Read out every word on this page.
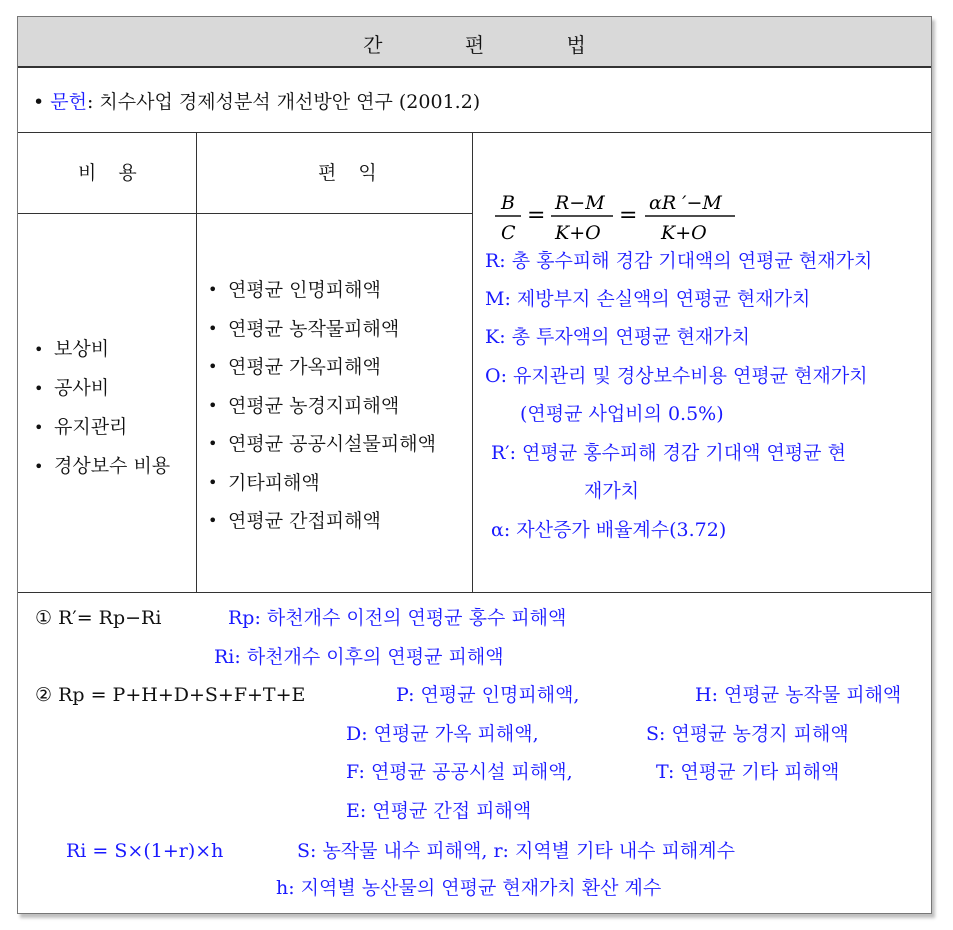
간 편 법
• 문헌: 치수사업 경제성분석 개선방안 연구 (2001.2)
비 용	편 익
• 보상비
• 공사비
• 유지관리
• 경상보수 비용
• 연평균 인명피해액
• 연평균 농작물피해액
• 연평균 가옥피해액
• 연평균 농경지피해액
• 연평균 공공시설물피해액
• 기타피해액
• 연평균 간접피해액
B
C
= R−M
K+O
= αR ′−M
K+O
R: 총 홍수피해 경감 기대액의 연평균 현재가치
M: 제방부지 손실액의 연평균 현재가치
K: 총 투자액의 연평균 현재가치
O: 유지관리 및 경상보수비용 연평균 현재가치
(연평균 사업비의 0.5%)
R′: 연평균 홍수피해 경감 기대액 연평균 현
재가치
α: 자산증가 배율계수(3.72)
① R′= Rp−Ri	Rp: 하천개수 이전의 연평균 홍수 피해액
Ri: 하천개수 이후의 연평균 피해액
② Rp = P+H+D+S+F+T+E	P: 연평균 인명피해액,	H: 연평균 농작물 피해액
D: 연평균 가옥 피해액,	S: 연평균 농경지 피해액
F: 연평균 공공시설 피해액,	T: 연평균 기타 피해액
E: 연평균 간접 피해액
Ri = S×(1+r)×h	S: 농작물 내수 피해액, r: 지역별 기타 내수 피해계수
h: 지역별 농산물의 연평균 현재가치 환산 계수
